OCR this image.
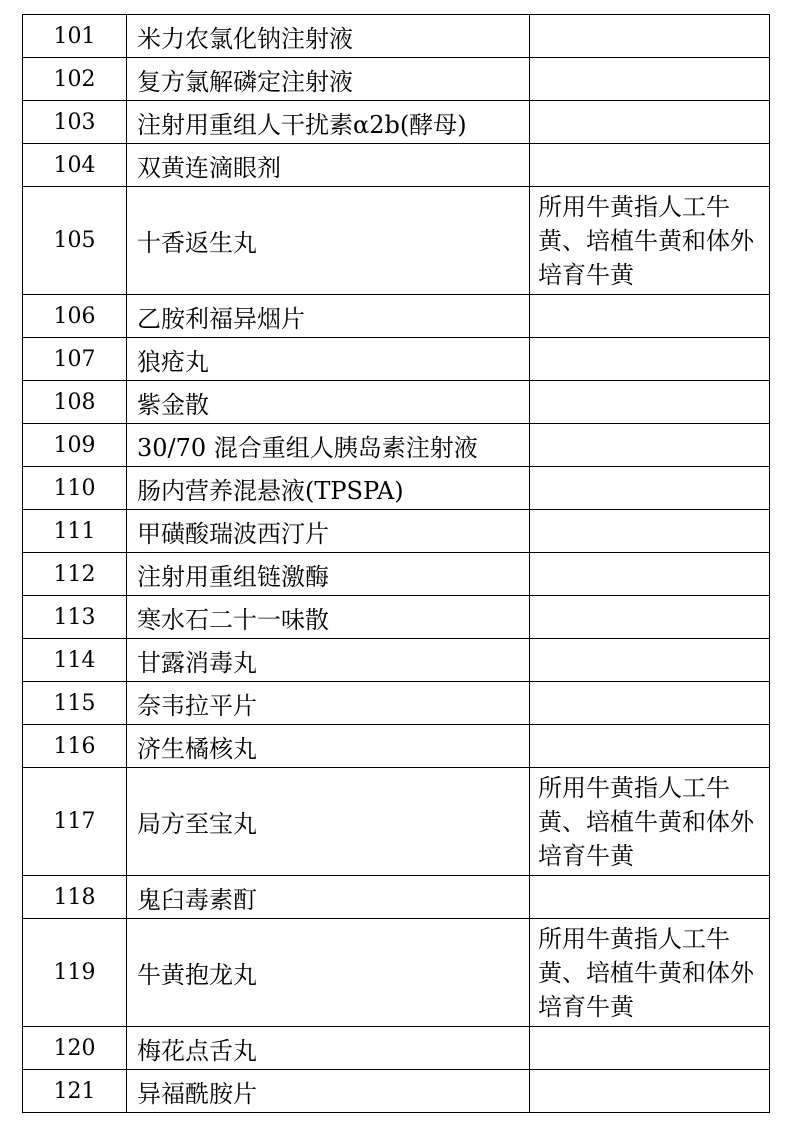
101	米力农氯化钠注射液	
102	复方氯解磷定注射液	
103	注射用重组人干扰素α2b(酵母)	
104	双黄连滴眼剂	
105	十香返生丸	所用牛黄指人工牛黄、培植牛黄和体外培育牛黄
106	乙胺利福异烟片	
107	狼疮丸	
108	紫金散	
109	30/70 混合重组人胰岛素注射液	
110	肠内营养混悬液(TPSPA)	
111	甲磺酸瑞波西汀片	
112	注射用重组链激酶	
113	寒水石二十一味散	
114	甘露消毒丸	
115	奈韦拉平片	
116	济生橘核丸	
117	局方至宝丸	所用牛黄指人工牛黄、培植牛黄和体外培育牛黄
118	鬼臼毒素酊	
119	牛黄抱龙丸	所用牛黄指人工牛黄、培植牛黄和体外培育牛黄
120	梅花点舌丸	
121	异福酰胺片	
